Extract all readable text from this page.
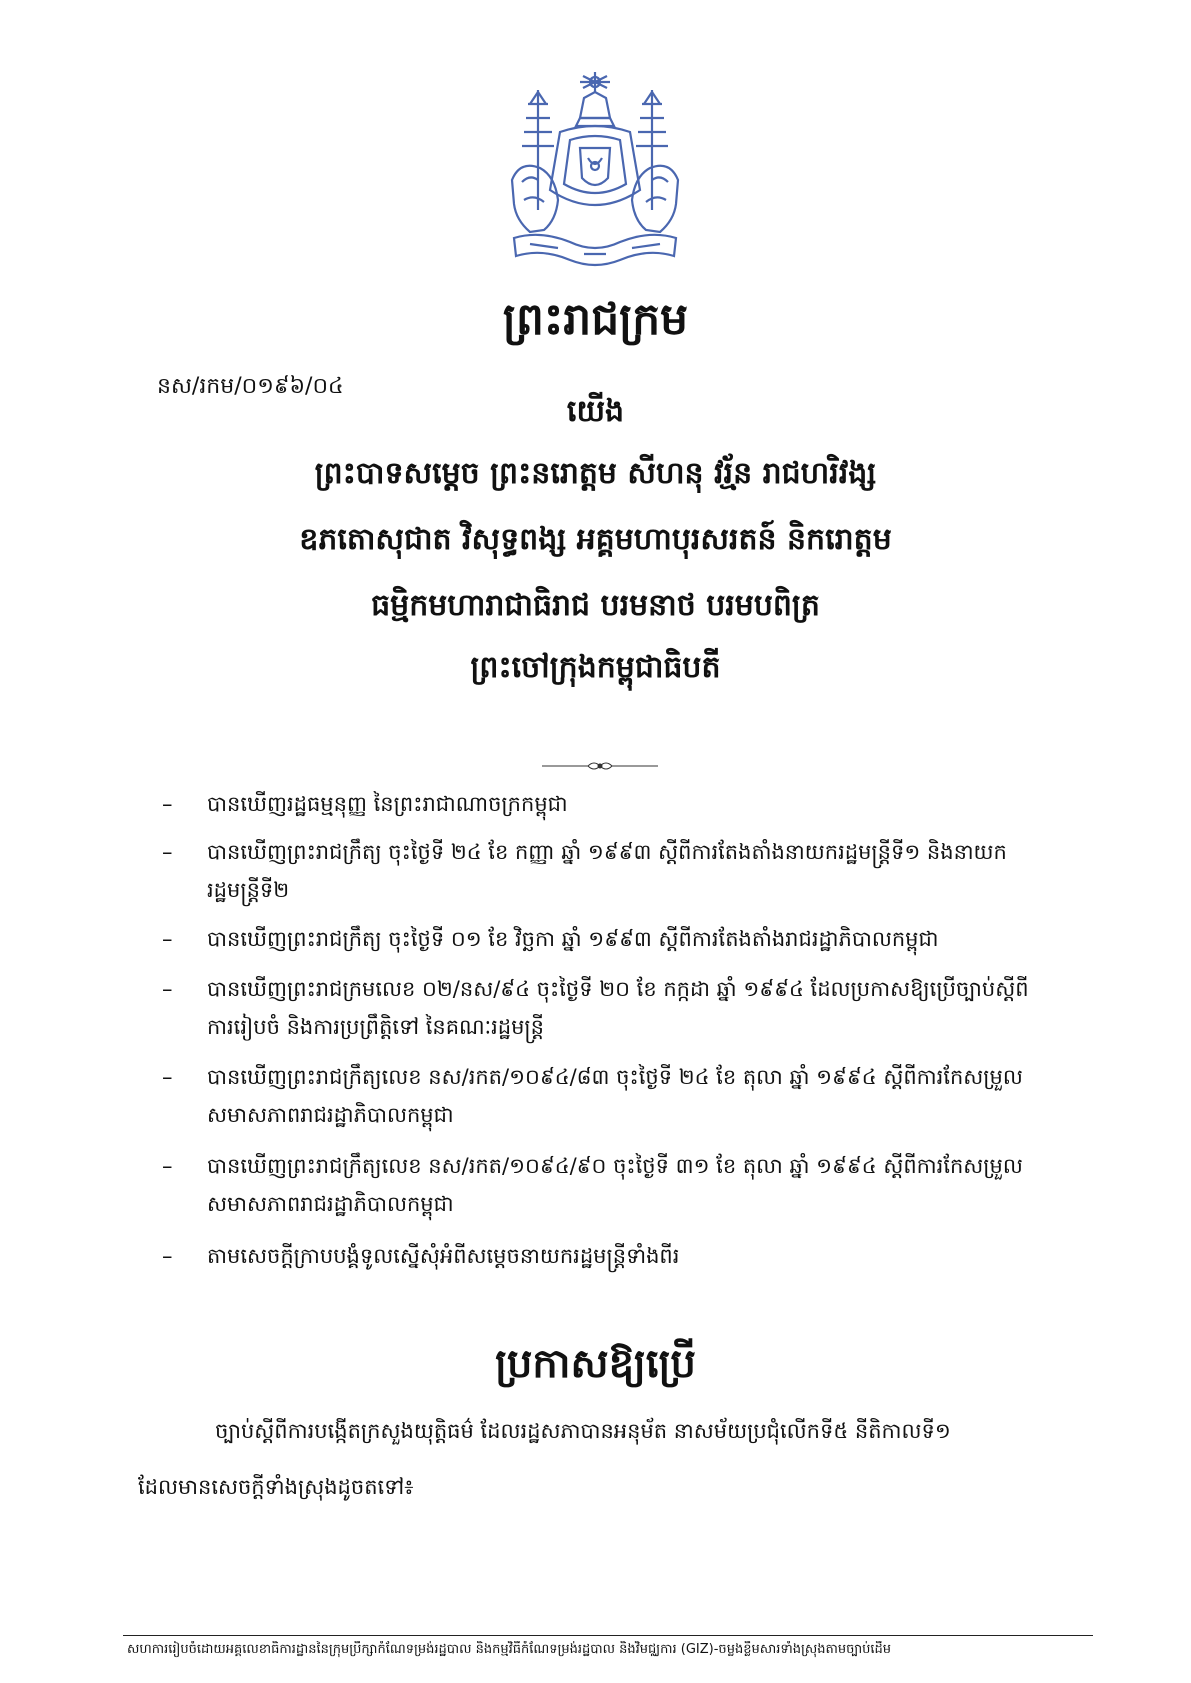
ព្រះរាជក្រម
នស/រកម/០១៩៦/០៤
យើង
ព្រះបាទសម្តេច ព្រះនរោត្តម សីហនុ វរ្ម័ន រាជហរិវង្ស
ឧភតោសុជាត វិសុទ្ធពង្ស អគ្គមហាបុរសរតន៍ និករោត្តម
ធម្មិកមហារាជាធិរាជ បរមនាថ បរមបពិត្រ
ព្រះចៅក្រុងកម្ពុជាធិបតី
–	បានឃើញរដ្ឋធម្មនុញ្ញ នៃព្រះរាជាណាចក្រកម្ពុជា
–	បានឃើញព្រះរាជក្រឹត្យ ចុះថ្ងៃទី ២៤ ខែ កញ្ញា ឆ្នាំ ១៩៩៣ ស្តីពីការតែងតាំងនាយករដ្ឋមន្រ្តីទី១ និងនាយក
រដ្ឋមន្រ្តីទី២
–	បានឃើញព្រះរាជក្រឹត្យ ចុះថ្ងៃទី ០១ ខែ វិច្ឆកា ឆ្នាំ ១៩៩៣ ស្តីពីការតែងតាំងរាជរដ្ឋាភិបាលកម្ពុជា
–	បានឃើញព្រះរាជក្រមលេខ ០២/នស/៩៤ ចុះថ្ងៃទី ២០ ខែ កក្កដា ឆ្នាំ ១៩៩៤ ដែលប្រកាសឱ្យប្រើច្បាប់ស្តីពី
ការរៀបចំ និងការប្រព្រឹត្តិទៅ នៃគណៈរដ្ឋមន្រ្តី
–	បានឃើញព្រះរាជក្រឹត្យលេខ នស/រកត/១០៩៤/៨៣ ចុះថ្ងៃទី ២៤ ខែ តុលា ឆ្នាំ ១៩៩៤ ស្តីពីការកែសម្រួល
សមាសភាពរាជរដ្ឋាភិបាលកម្ពុជា
–	បានឃើញព្រះរាជក្រឹត្យលេខ នស/រកត/១០៩៤/៩០ ចុះថ្ងៃទី ៣១ ខែ តុលា ឆ្នាំ ១៩៩៤ ស្តីពីការកែសម្រួល
សមាសភាពរាជរដ្ឋាភិបាលកម្ពុជា
–	តាមសេចក្តីក្រាបបង្គំទូលស្នើសុំអំពីសម្តេចនាយករដ្ឋមន្រ្តីទាំងពីរ
ប្រកាសឱ្យប្រើ
ច្បាប់ស្តីពីការបង្កើតក្រសួងយុត្តិធម៌ ដែលរដ្ឋសភាបានអនុម័ត នាសម័យប្រជុំលើកទី៥ នីតិកាលទី១
ដែលមានសេចក្តីទាំងស្រុងដូចតទៅ៖
សហការរៀបចំដោយអគ្គលេខាធិការដ្ឋាននៃក្រុមប្រឹក្សាកំណែទម្រង់រដ្ឋបាល និងកម្មវិធីកំណែទម្រង់រដ្ឋបាល និងវិមជ្ឈការ (GIZ)-ចម្លងខ្លឹមសារទាំងស្រុងតាមច្បាប់ដើម
